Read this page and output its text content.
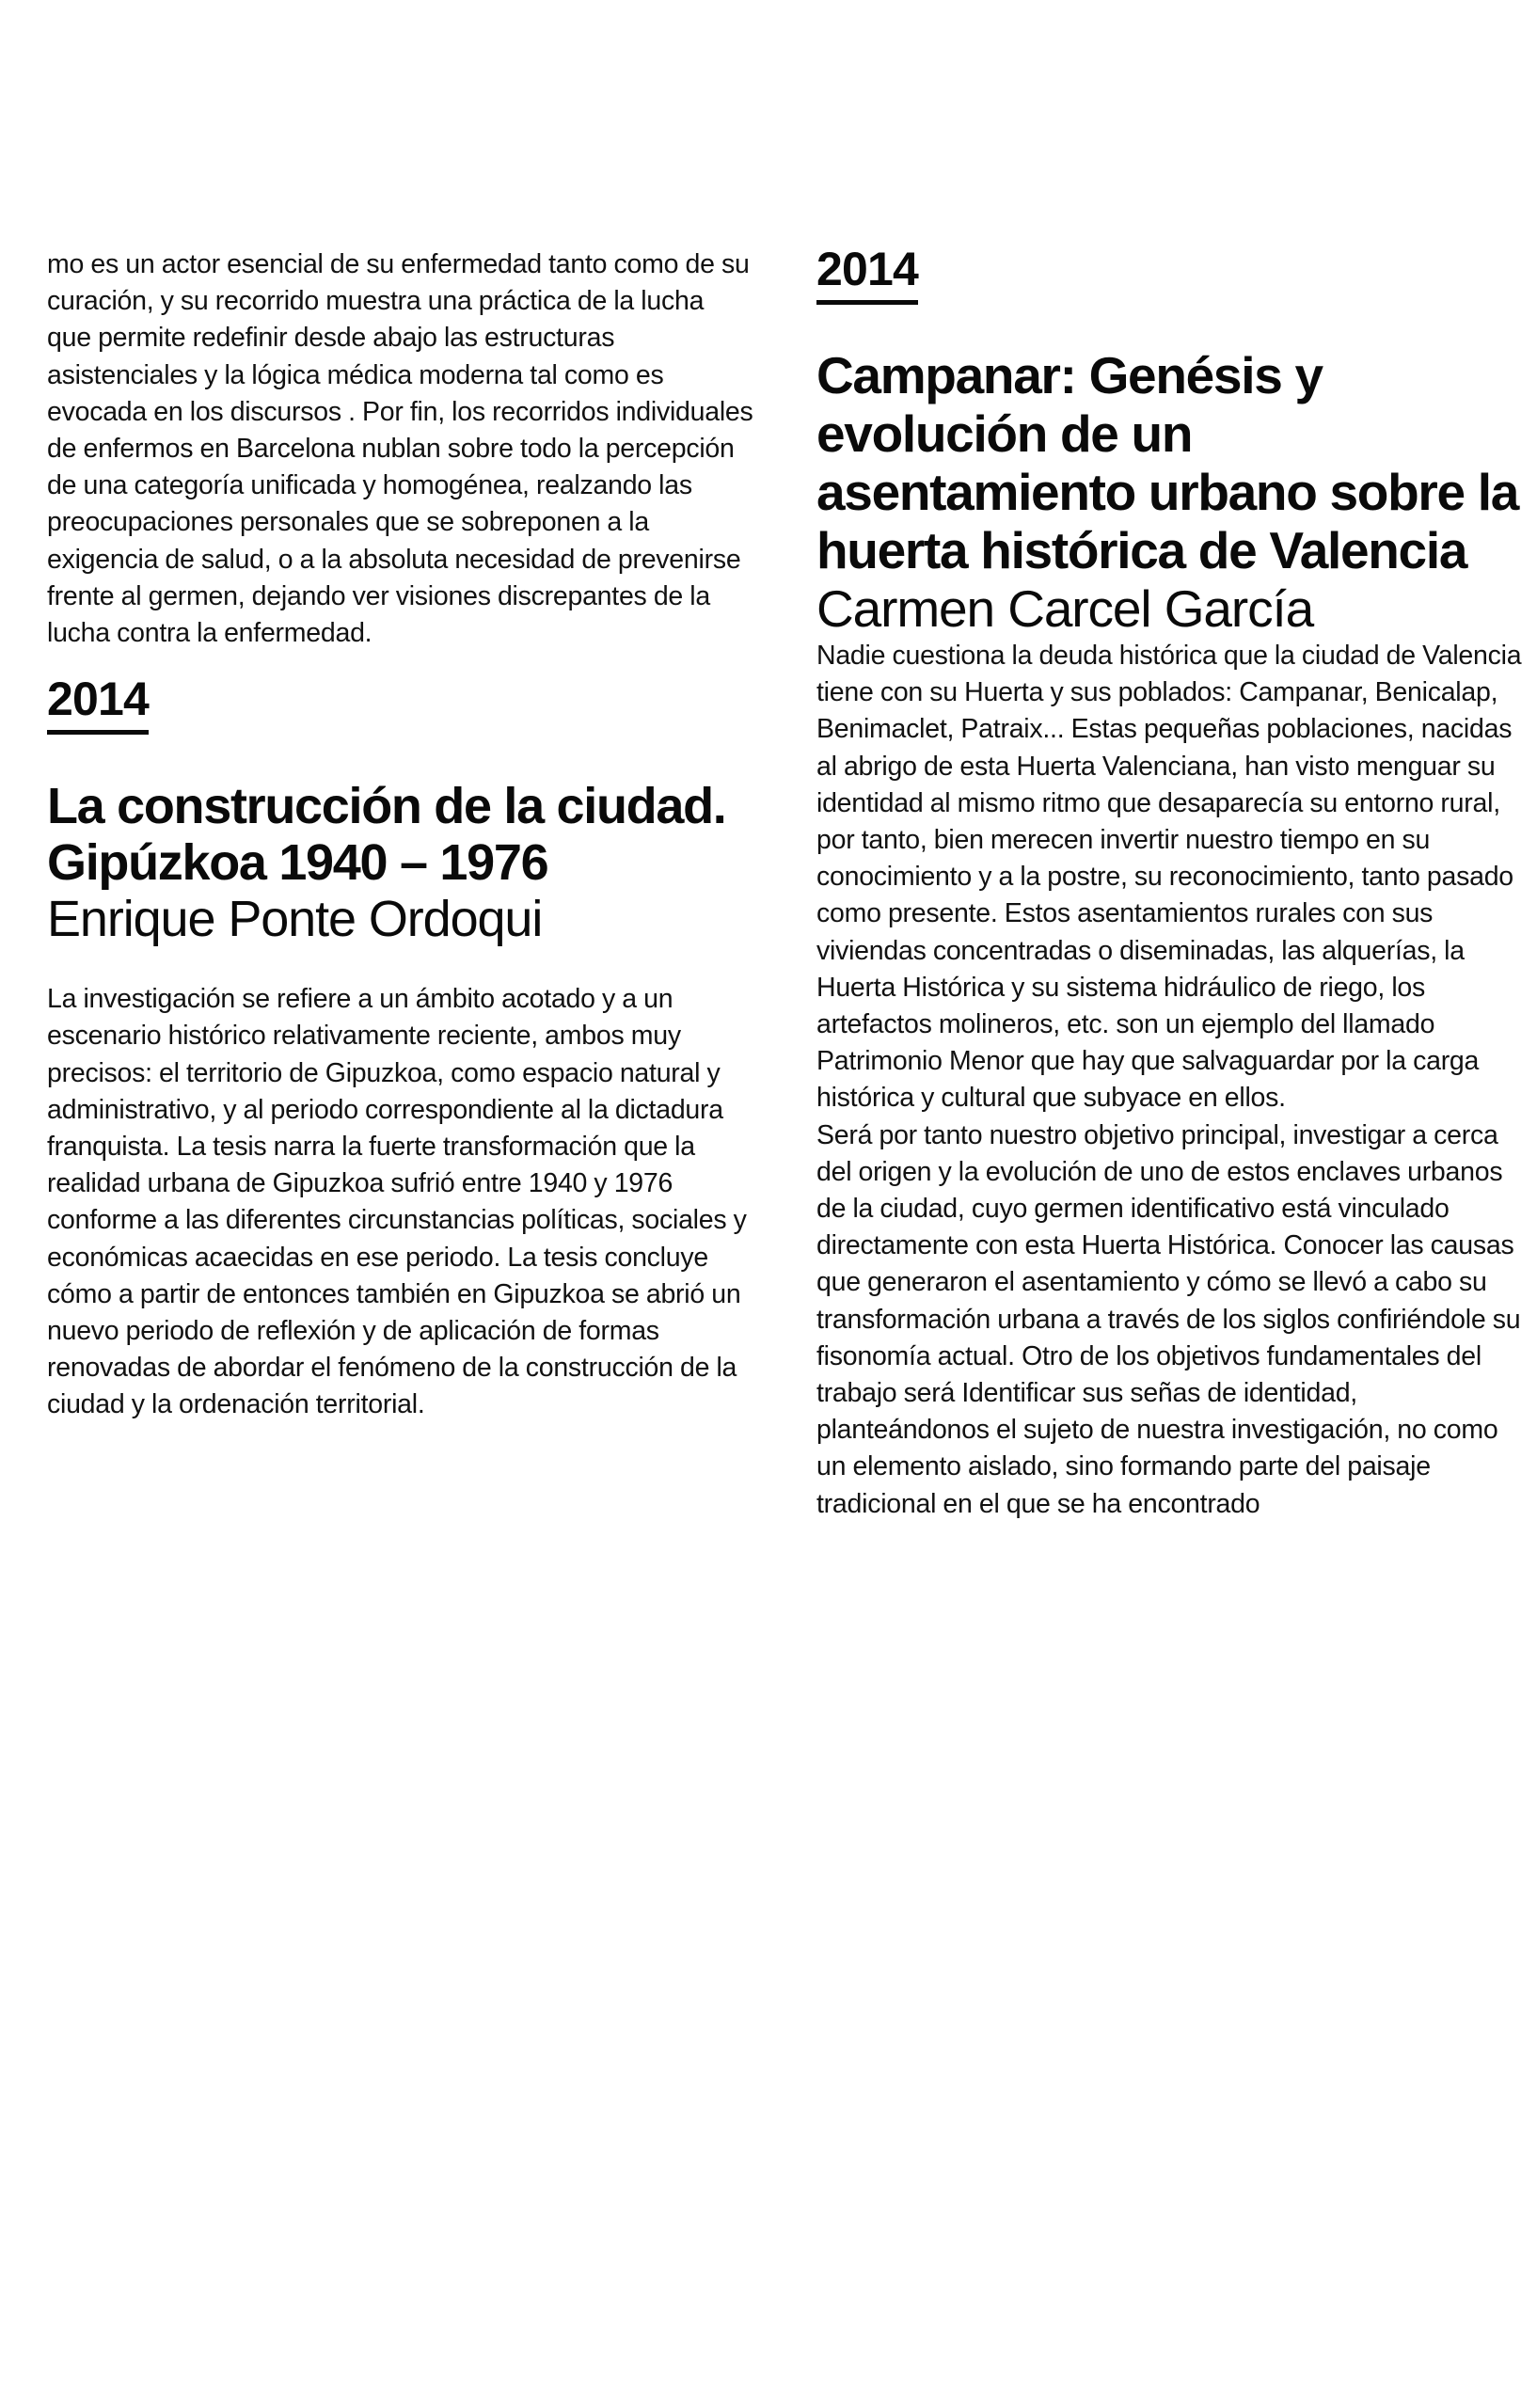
mo es un actor esencial de su enfermedad tanto como de su curación, y su recorrido muestra una práctica de la lucha que permite redefinir desde abajo las estructuras asistenciales y la lógica médica moderna tal como es evocada en los discursos . Por fin, los recorridos individuales de enfermos en Barcelona nublan sobre todo la percepción de una categoría unificada y homogénea, realzando las preocupaciones personales que se sobreponen a la exigencia de salud, o a la absoluta necesidad de prevenirse frente al germen, dejando ver visiones discrepantes de la lucha contra la enfermedad.

2014
La construcción de la ciudad. Gipúzkoa 1940 – 1976
Enrique Ponte Ordoqui

La investigación se refiere a un ámbito acotado y a un escenario histórico relativamente reciente, ambos muy precisos: el territorio de Gipuzkoa, como espacio natural y administrativo, y al periodo correspondiente al la dictadura franquista. La tesis narra la fuerte transformación que la realidad urbana de Gipuzkoa sufrió entre 1940 y 1976 conforme a las diferentes circunstancias políticas, sociales y económicas acaecidas en ese periodo. La tesis concluye cómo a partir de entonces también en Gipuzkoa se abrió un nuevo periodo de reflexión y de aplicación de formas renovadas de abordar el fenómeno de la construcción de la ciudad y la ordenación territorial.

2014
Campanar: Genésis y evolución de un asentamiento urbano sobre la huerta histórica de Valencia
Carmen Carcel García

Nadie cuestiona la deuda histórica que la ciudad de Valencia tiene con su Huerta y sus poblados: Campanar, Benicalap, Benimaclet, Patraix... Estas pequeñas poblaciones, nacidas al abrigo de esta Huerta Valenciana, han visto menguar su identidad al mismo ritmo que desaparecía su entorno rural, por tanto, bien merecen invertir nuestro tiempo en su conocimiento y a la postre, su reconocimiento, tanto pasado como presente. Estos asentamientos rurales con sus viviendas concentradas o diseminadas, las alquerías, la Huerta Histórica y su sistema hidráulico de riego, los artefactos molineros, etc. son un ejemplo del llamado Patrimonio Menor que hay que salvaguardar por la carga histórica y cultural que subyace en ellos.

Será por tanto nuestro objetivo principal, investigar a cerca del origen y la evolución de uno de estos enclaves urbanos de la ciudad, cuyo germen identificativo está vinculado directamente con esta Huerta Histórica. Conocer las causas que generaron el asentamiento y cómo se llevó a cabo su transformación urbana a través de los siglos confiriéndole su fisonomía actual. Otro de los objetivos fundamentales del trabajo será Identificar sus señas de identidad, planteándonos el sujeto de nuestra investigación, no como un elemento aislado, sino formando parte del paisaje tradicional en el que se ha encontrado
